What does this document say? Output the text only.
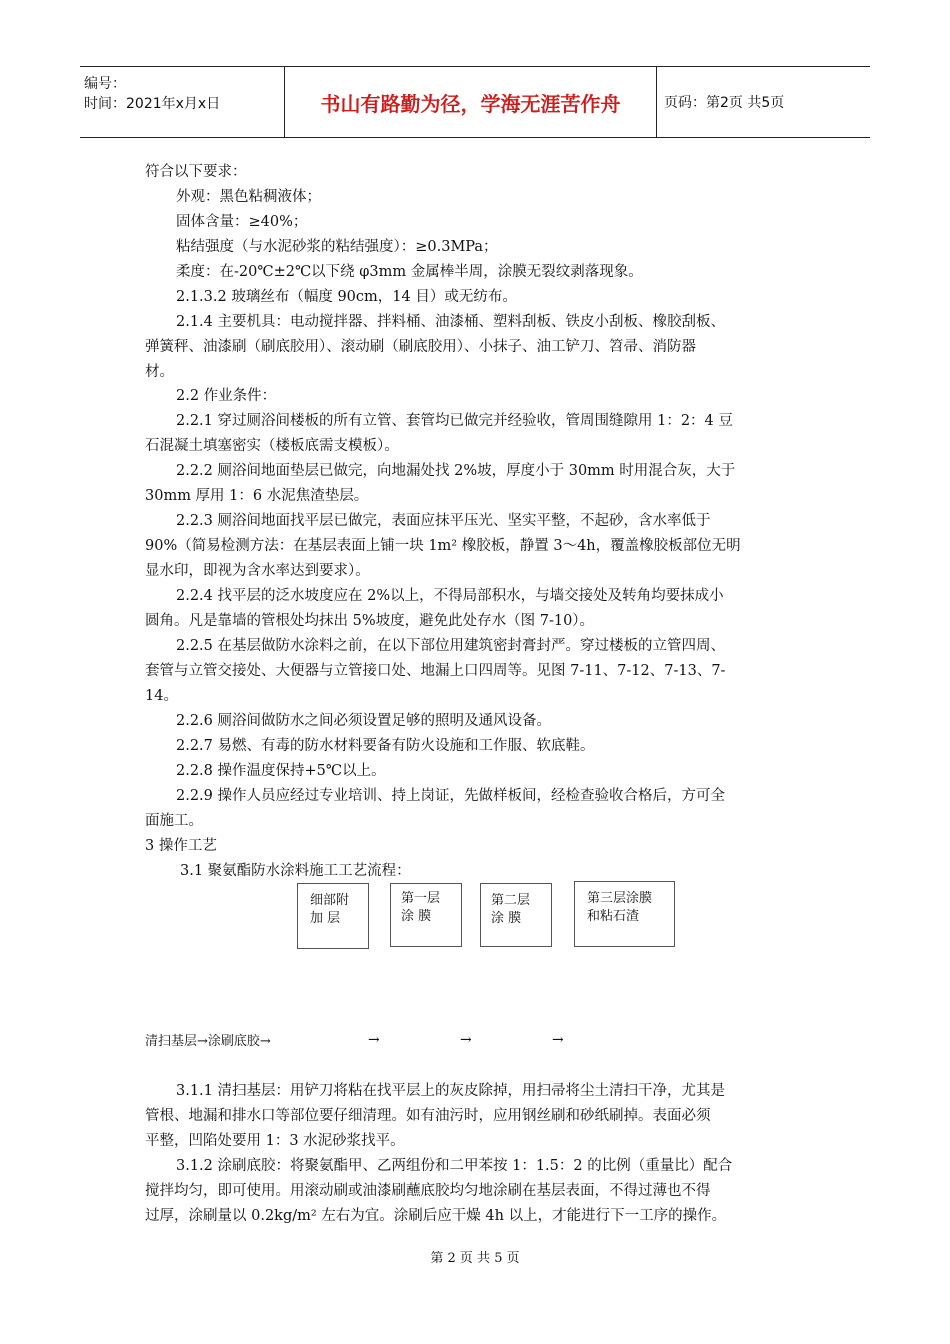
编号：
时间：2021年x月x日	书山有路勤为径，学海无涯苦作舟	页码：第2页 共5页
符合以下要求：
外观：黑色粘稠液体；
固体含量：≥40%；
粘结强度（与水泥砂浆的粘结强度）：≥0.3MPa；
柔度：在-20℃±2℃以下绕 φ3mm 金属棒半周，涂膜无裂纹剥落现象。
2.1.3.2 玻璃丝布（幅度 90cm，14 目）或无纺布。
2.1.4 主要机具：电动搅拌器、拌料桶、油漆桶、塑料刮板、铁皮小刮板、橡胶刮板、
弹簧秤、油漆刷（刷底胶用）、滚动刷（刷底胶用）、小抹子、油工铲刀、笤帚、消防器
材。
2.2 作业条件：
2.2.1 穿过厕浴间楼板的所有立管、套管均已做完并经验收，管周围缝隙用 1：2：4 豆
石混凝土填塞密实（楼板底需支模板）。
2.2.2 厕浴间地面垫层已做完，向地漏处找 2%坡，厚度小于 30mm 时用混合灰，大于
30mm 厚用 1：6 水泥焦渣垫层。
2.2.3 厕浴间地面找平层已做完，表面应抹平压光、坚实平整，不起砂，含水率低于
90%（简易检测方法：在基层表面上铺一块 1m² 橡胶板，静置 3～4h，覆盖橡胶板部位无明
显水印，即视为含水率达到要求）。
2.2.4 找平层的泛水坡度应在 2%以上，不得局部积水，与墙交接处及转角均要抹成小
圆角。凡是靠墙的管根处均抹出 5%坡度，避免此处存水（图 7-10）。
2.2.5 在基层做防水涂料之前，在以下部位用建筑密封膏封严。穿过楼板的立管四周、
套管与立管交接处、大便器与立管接口处、地漏上口四周等。见图 7-11、7-12、7-13、7-
14。
2.2.6 厕浴间做防水之间必须设置足够的照明及通风设备。
2.2.7 易燃、有毒的防水材料要备有防火设施和工作服、软底鞋。
2.2.8 操作温度保持+5℃以上。
2.2.9 操作人员应经过专业培训、持上岗证，先做样板间，经检查验收合格后，方可全
面施工。
3 操作工艺
3.1 聚氨酯防水涂料施工工艺流程：
细部附
加 层
第一层
涂 膜
第二层
涂 膜
第三层涂膜
和粘石渣
清扫基层→涂刷底胶→	→	→	→
3.1.1 清扫基层：用铲刀将粘在找平层上的灰皮除掉，用扫帚将尘土清扫干净，尤其是
管根、地漏和排水口等部位要仔细清理。如有油污时，应用钢丝刷和砂纸刷掉。表面必须
平整，凹陷处要用 1：3 水泥砂浆找平。
3.1.2 涂刷底胶：将聚氨酯甲、乙两组份和二甲苯按 1：1.5：2 的比例（重量比）配合
搅拌均匀，即可使用。用滚动刷或油漆刷蘸底胶均匀地涂刷在基层表面，不得过薄也不得
过厚，涂刷量以 0.2kg/m² 左右为宜。涂刷后应干燥 4h 以上，才能进行下一工序的操作。
第 2 页 共 5 页
